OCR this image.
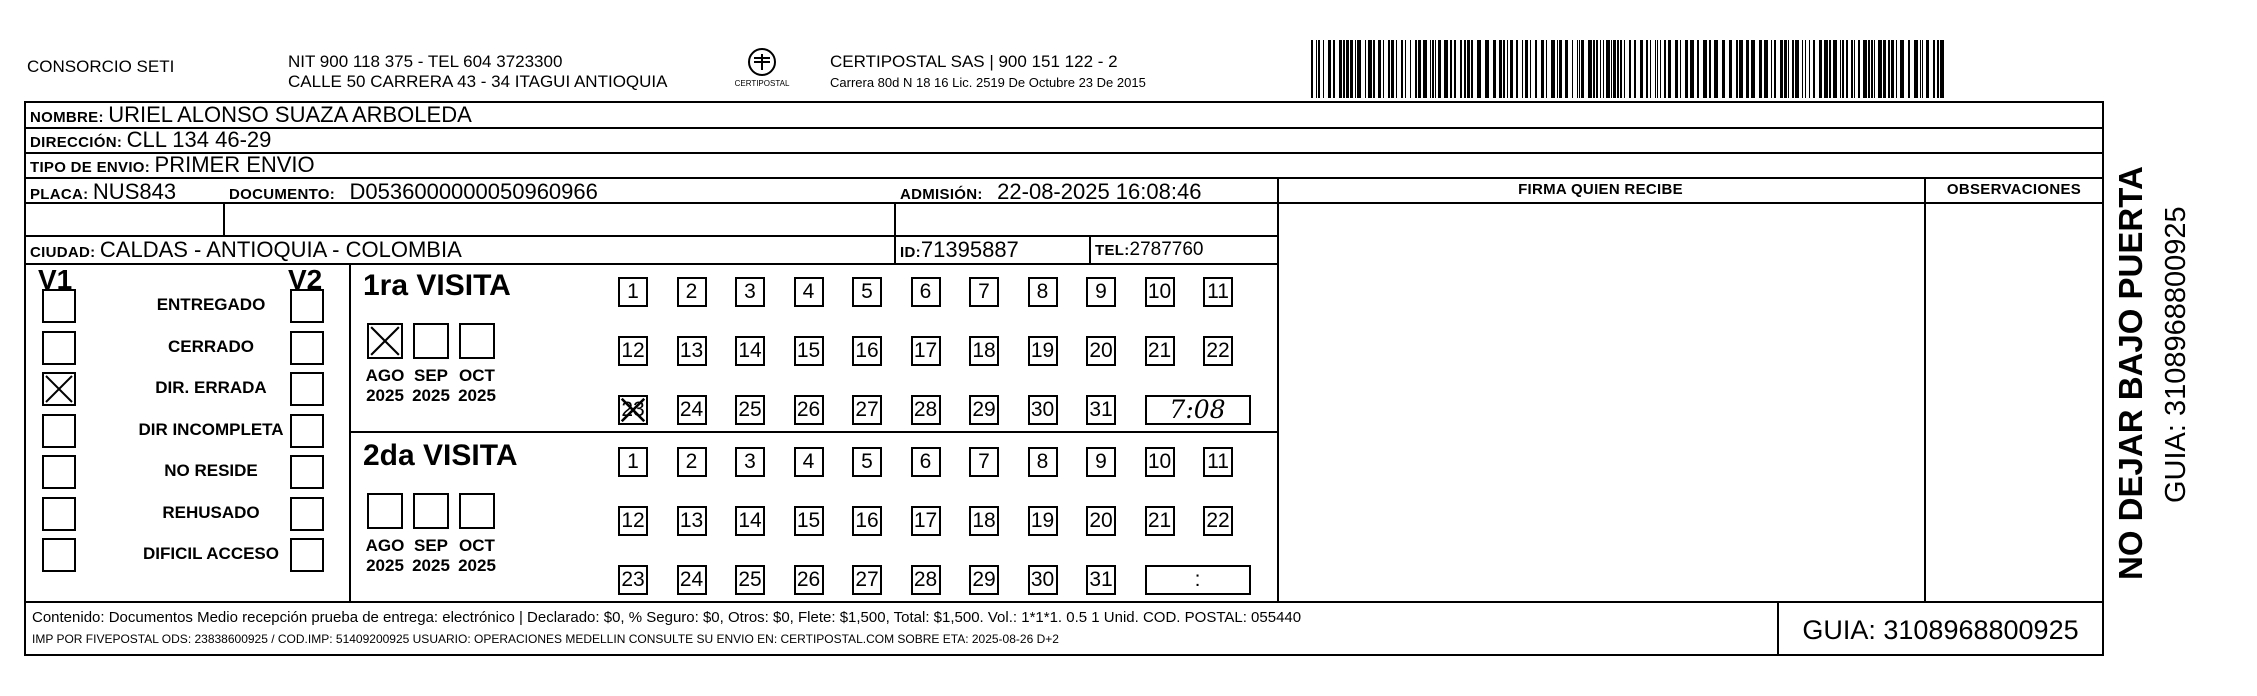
CONSORCIO SETI	NIT 900 118 375 - TEL 604 3723300
CALLE 50 CARRERA 43 - 34 ITAGUI ANTIOQUIA	CERTIPOSTAL
CERTIPOSTAL SAS | 900 151 122 - 2
Carrera 80d N 18 16 Lic. 2519 De Octubre 23 De 2015
NOMBRE: URIEL ALONSO SUAZA ARBOLEDA
DIRECCIÓN: CLL 134 46-29
TIPO DE ENVIO: PRIMER ENVIO
FIRMA QUIEN RECIBE	OBSERVACIONES
PLACA: NUS843	DOCUMENTO: D0536000000050960966	ADMISIÓN: 22-08-2025 16:08:46
CIUDAD: CALDAS - ANTIOQUIA - COLOMBIA	ID:71395887	TEL:2787760
V1	V2
ENTREGADO
CERRADO
DIR. ERRADA
DIR INCOMPLETA
NO RESIDE
REHUSADO
DIFICIL ACCESO
1ra VISITA
AGO
2025
SEP
2025
OCT
2025
1	2	3	4	5	6	7	8	9	10 11
12 13 14 15 16 17 18 19 20 21 22
23 24 25 26 27 28 29 30 31	7:08
2da VISITA
AGO
2025
SEP
2025
OCT
2025
1	2	3	4	5	6	7	8	9	10 11
12 13 14 15 16 17 18 19 20 21 22
23 24 25 26 27 28 29 30 31	:
Contenido: Documentos Medio recepción prueba de entrega: electrónico | Declarado: $0, % Seguro: $0, Otros: $0, Flete: $1,500, Total: $1,500. Vol.: 1*1*1. 0.5 1 Unid. COD. POSTAL: 055440
IMP POR FIVEPOSTAL ODS: 23838600925 / COD.IMP: 51409200925 USUARIO: OPERACIONES MEDELLIN CONSULTE SU ENVIO EN: CERTIPOSTAL.COM SOBRE ETA: 2025-08-26 D+2	GUIA: 3108968800925
NO DEJAR BAJO PUERTA GUIA: 3108968800925
